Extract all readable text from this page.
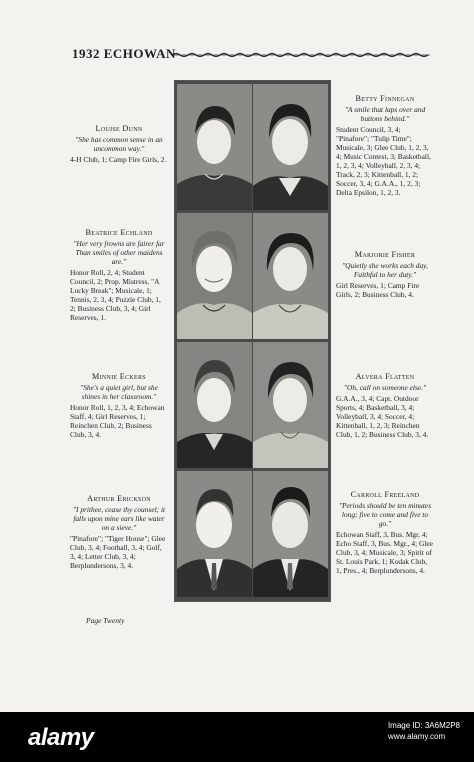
1932 ECHOWAN
Louise Dunn
"She has common sense in an uncommon way."
4-H Club, 1; Camp Fire Girls, 2.
Beatrice Echland
"Her very frowns are fairer far Than smiles of other maidens are."
Honor Roll, 2, 4; Student Council, 2; Prop. Mistress, "A Lucky Break"; Musicale, 1; Tennis, 2, 3, 4; Puzzle Club, 1, 2; Business Club, 3, 4; Girl Reserves, 1.
Minnie Eckers
"She's a quiet girl, but she shines in her classroom."
Honor Roll, 1, 2, 3, 4; Echowan Staff, 4; Girl Reserves, 1; Reinchen Club, 2; Business Club, 3, 4.
Arthur Erickson
"I prithee, cease thy counsel; it falls upon mine ears like water on a sieve."
"Pinafore"; "Tiger House"; Glee Club, 3, 4; Football, 3, 4; Golf, 3, 4; Letter Club, 3, 4; Berplundersons, 3, 4.
Betty Finnegan
"A smile that laps over and buttons behind."
Student Council, 3, 4; "Pinafore"; "Tulip Time"; Musicale, 3; Glee Club, 1, 2, 3, 4; Music Contest, 3; Basketball, 1, 2, 3, 4; Volleyball, 2, 3, 4; Track, 2, 3; Kittenball, 1, 2; Soccer, 3, 4; G.A.A., 1, 2, 3; Delta Epsilon, 1, 2, 3.
Marjorie Fisher
"Quietly she works each day, Faithful to her duty."
Girl Reserves, 1; Camp Fire Girls, 2; Business Club, 4.
Alvera Flatten
"Oh, call on someone else."
G.A.A., 3, 4; Capt. Outdoor Sports, 4; Basketball, 3, 4; Volleyball, 3, 4; Soccer, 4; Kittenball, 1, 2, 3; Reinchen Club, 1, 2; Business Club, 3, 4.
Carroll Freeland
"Periods should be ten minutes long; five to come and five to go."
Echowan Staff, 3, Bus. Mgr. 4; Echo Staff, 3, Bus. Mgr., 4; Glee Club, 3, 4; Musicale, 3; Spirit of St. Louis Park, 1; Kodak Club, 1, Pres., 4; Berplundersons, 4.
Page Twenty
alamy	Image ID: 3A6M2P8
www.alamy.com
